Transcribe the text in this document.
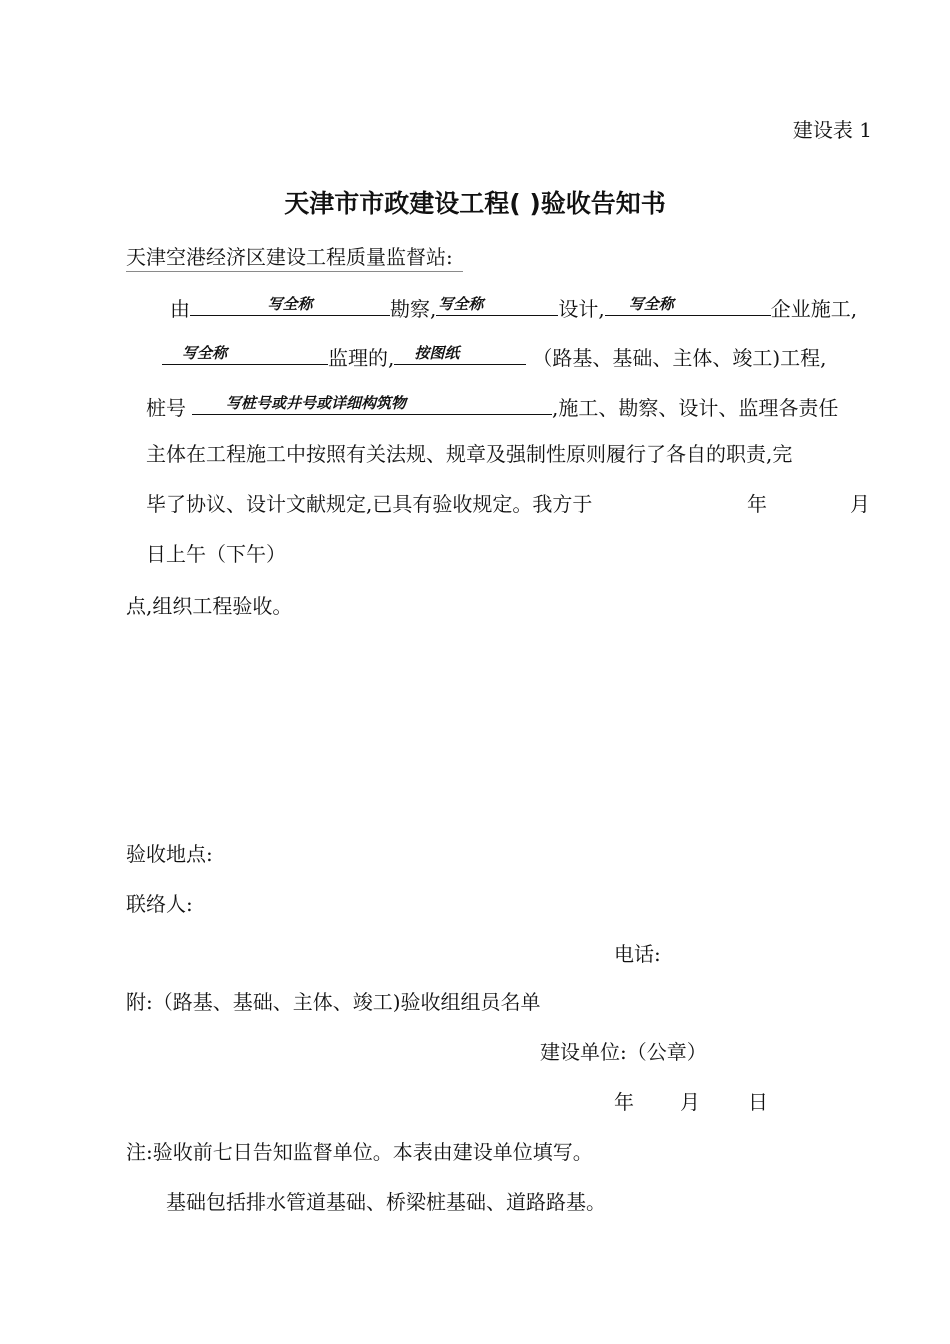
建设表 1
天津市市政建设工程( )验收告知书
天津空港经济区建设工程质量监督站:
由	写全称	勘察, 写全称	设计, 写全称	企业施工,
写全称	监理的, 按图纸	（路基、基础、主体、竣工)工程,
桩号	写桩号或井号或详细构筑物	,施工、勘察、设计、监理各责任
主体在工程施工中按照有关法规、规章及强制性原则履行了各自的职责,完
毕了协议、设计文献规定,已具有验收规定。我方于	年	月
日上午（下午）
点,组织工程验收。
验收地点:
联络人:
电话:
附:（路基、基础、主体、竣工)验收组组员名单
建设单位:（公章）
年 月 日
注:验收前七日告知监督单位。本表由建设单位填写。
基础包括排水管道基础、桥梁桩基础、道路路基。
